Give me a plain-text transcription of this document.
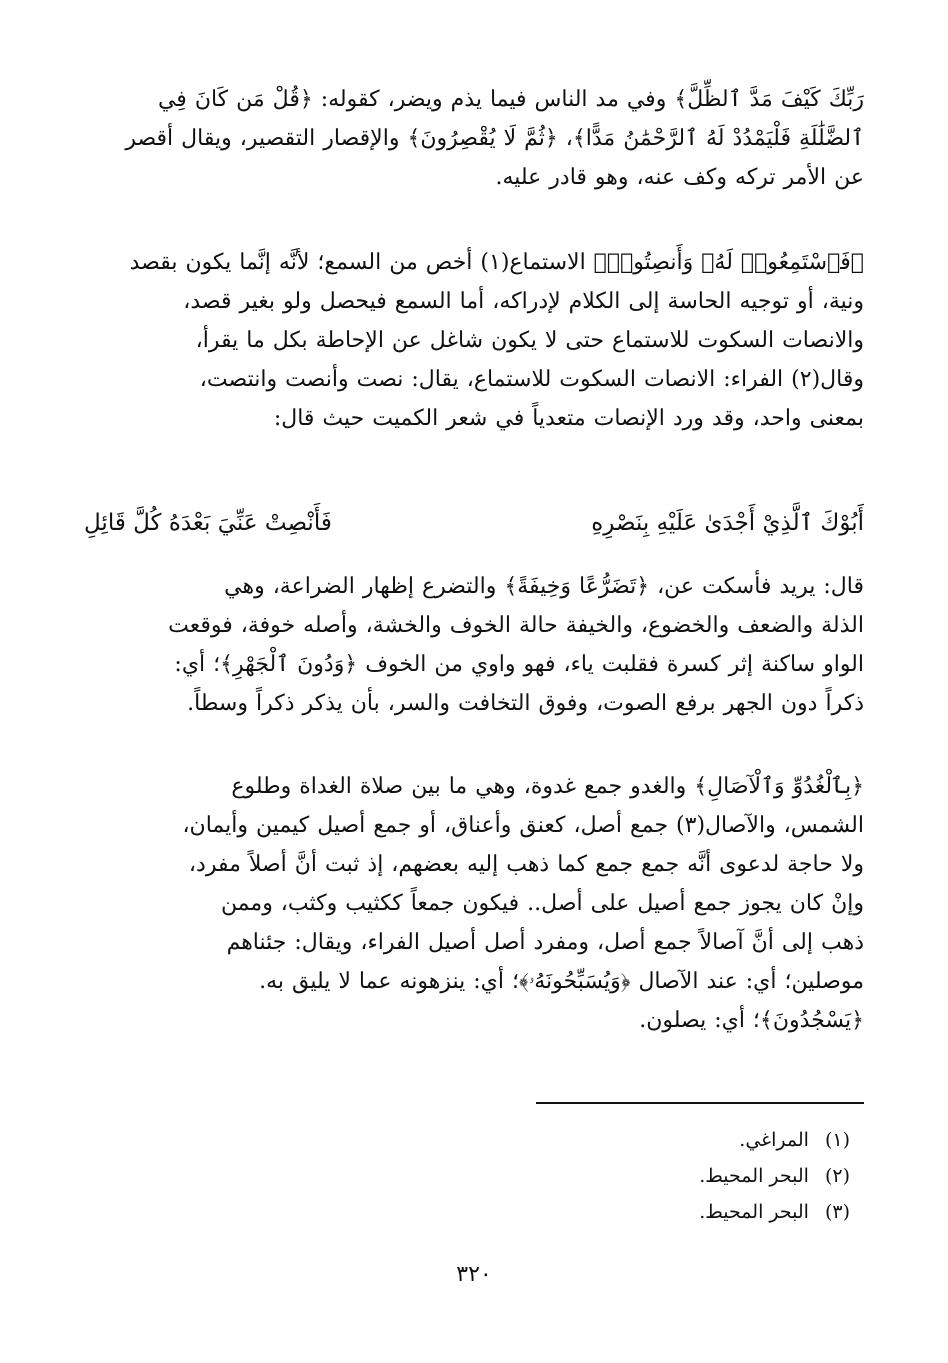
رَبِّكَ كَيْفَ مَدَّ ٱلظِّلَّ﴾ وفي مد الناس فيما يذم ويضر، كقوله: ﴿قُلْ مَن كَانَ فِي
ٱلضَّلَٰلَةِ فَلْيَمْدُدْ لَهُ ٱلرَّحْمَٰنُ مَدًّا﴾، ﴿ثُمَّ لَا يُقْصِرُونَ﴾ والإقصار التقصير، ويقال أقصر
عن الأمر تركه وكف عنه، وهو قادر عليه.
﴿فَٱسْتَمِعُوا۟ لَهُۥ وَأَنصِتُوا۟﴾ الاستماع(١) أخص من السمع؛ لأنَّه إنَّما يكون بقصد
ونية، أو توجيه الحاسة إلى الكلام لإدراكه، أما السمع فيحصل ولو بغير قصد،
والانصات السكوت للاستماع حتى لا يكون شاغل عن الإحاطة بكل ما يقرأ،
وقال(٢) الفراء: الانصات السكوت للاستماع، يقال: نصت وأنصت وانتصت،
بمعنى واحد، وقد ورد الإنصات متعدياً في شعر الكميت حيث قال:
أَبُوْكَ ٱلَّذِيْ أَجْدَىٰ عَلَيْهِ بِنَصْرِهِ
فَأَنْصِتْ عَنِّيَ بَعْدَهُ كُلَّ قَائِلِ
قال: يريد فأسكت عن، ﴿تَضَرُّعًا وَخِيفَةً﴾ والتضرع إظهار الضراعة، وهي
الذلة والضعف والخضوع، والخيفة حالة الخوف والخشة، وأصله خوفة، فوقعت
الواو ساكنة إثر كسرة فقلبت ياء، فهو واوي من الخوف ﴿وَدُونَ ٱلْجَهْرِ﴾؛ أي:
ذكراً دون الجهر برفع الصوت، وفوق التخافت والسر، بأن يذكر ذكراً وسطاً.
﴿بِٱلْغُدُوِّ وَٱلْآصَالِ﴾ والغدو جمع غدوة، وهي ما بين صلاة الغداة وطلوع
الشمس، والآصال(٣) جمع أصل، كعنق وأعناق، أو جمع أصيل كيمين وأيمان،
ولا حاجة لدعوى أنَّه جمع جمع كما ذهب إليه بعضهم، إذ ثبت أنَّ أصلاً مفرد،
وإنْ كان يجوز جمع أصيل على أصل.. فيكون جمعاً ككثيب وكثب، وممن
ذهب إلى أنَّ آصالاً جمع أصل، ومفرد أصل أصيل الفراء، ويقال: جئناهم
موصلين؛ أي: عند الآصال ﴿وَيُسَبِّحُونَهُۥ﴾؛ أي: ينزهونه عما لا يليق به.
﴿يَسْجُدُونَ﴾؛ أي: يصلون.
(١)المراغي.
(٢)البحر المحيط.
(٣)البحر المحيط.
٣٢٠
